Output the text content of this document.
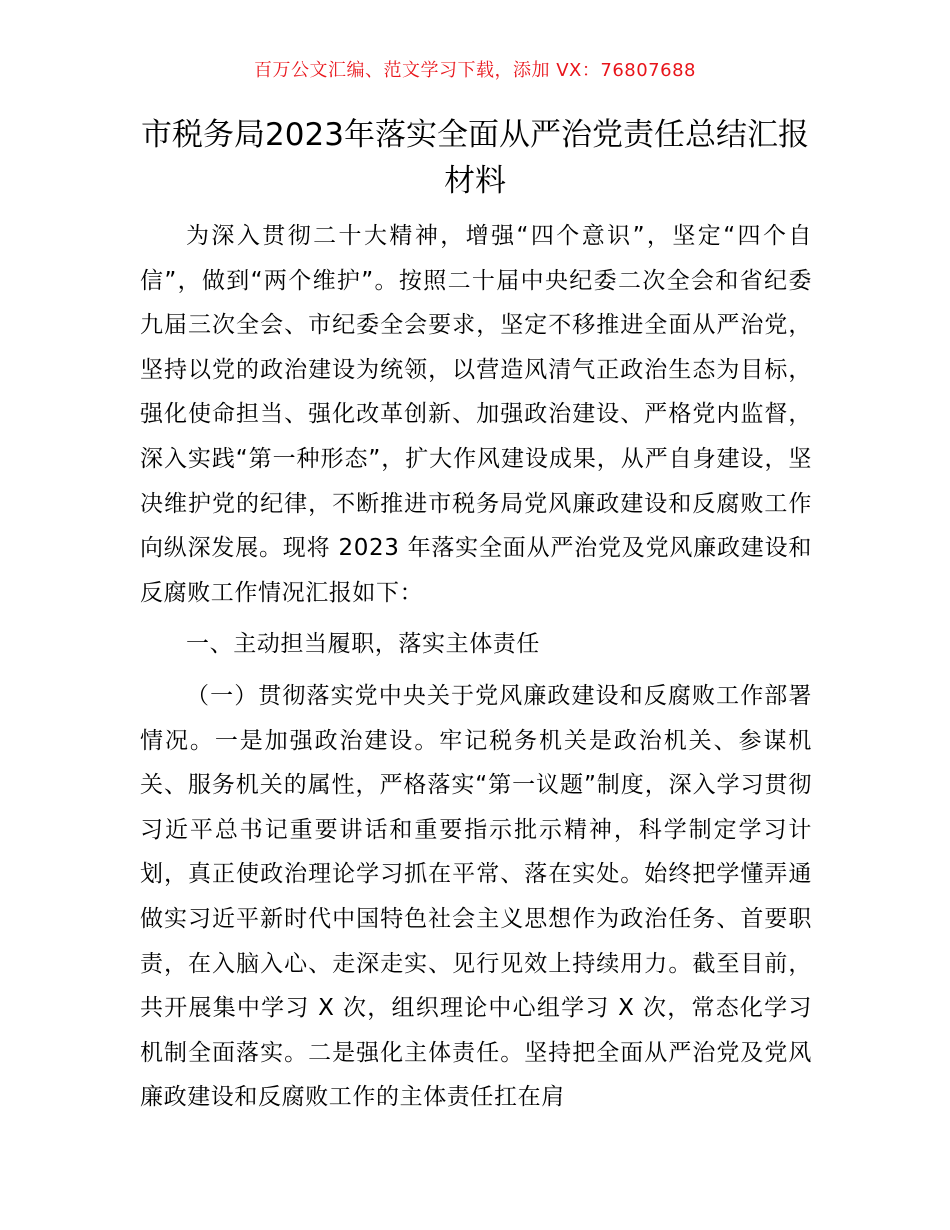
百万公文汇编、范文学习下载，添加 VX：76807688
市税务局2023年落实全面从严治党责任总结汇报材料

为深入贯彻二十大精神，增强“四个意识”，坚定“四个自信”，做到“两个维护”。按照二十届中央纪委二次全会和省纪委九届三次全会、市纪委全会要求，坚定不移推进全面从严治党，坚持以党的政治建设为统领，以营造风清气正政治生态为目标，强化使命担当、强化改革创新、加强政治建设、严格党内监督，深入实践“第一种形态”，扩大作风建设成果，从严自身建设，坚决维护党的纪律，不断推进市税务局党风廉政建设和反腐败工作向纵深发展。现将 2023 年落实全面从严治党及党风廉政建设和反腐败工作情况汇报如下：

一、主动担当履职，落实主体责任

（一）贯彻落实党中央关于党风廉政建设和反腐败工作部署情况。一是加强政治建设。牢记税务机关是政治机关、参谋机关、服务机关的属性，严格落实“第一议题”制度，深入学习贯彻习近平总书记重要讲话和重要指示批示精神，科学制定学习计划，真正使政治理论学习抓在平常、落在实处。始终把学懂弄通做实习近平新时代中国特色社会主义思想作为政治任务、首要职责，在入脑入心、走深走实、见行见效上持续用力。截至目前，共开展集中学习 X 次，组织理论中心组学习 X 次，常态化学习机制全面落实。二是强化主体责任。坚持把全面从严治党及党风廉政建设和反腐败工作的主体责任扛在肩
